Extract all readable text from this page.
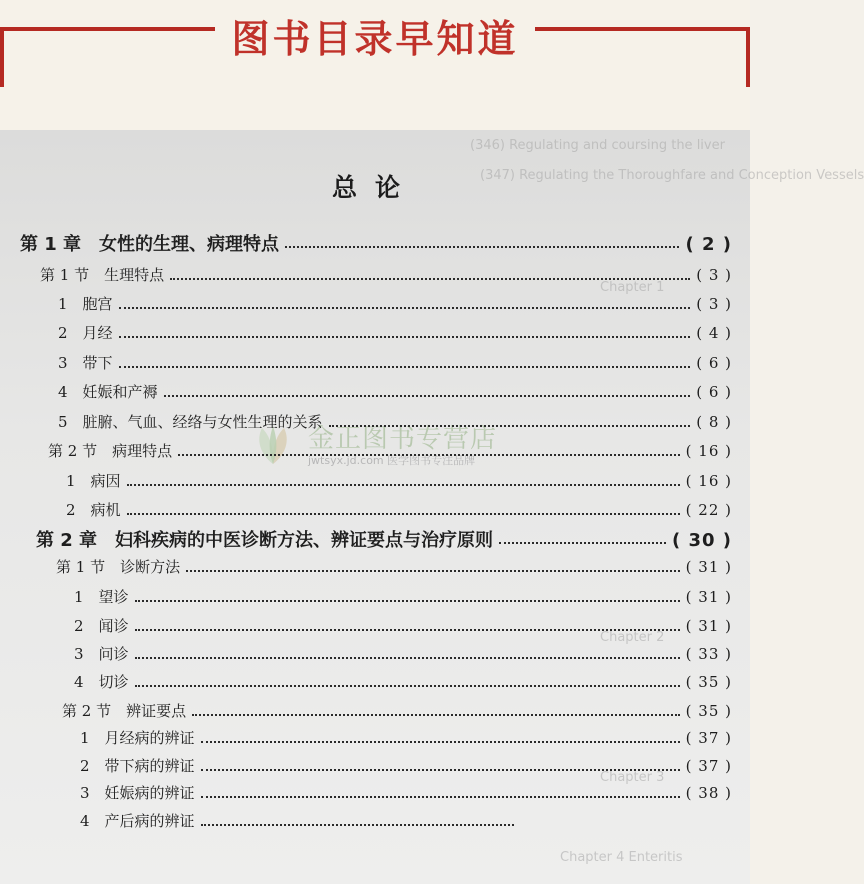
图书目录早知道
(346) Regulating and coursing the liver
(347) Regulating the Thoroughfare and Conception Vessels
Chapter 1
Chapter 2
Chapter 3
Chapter 4 Enteritis
总论
金正图书专营店
jwtsyx.jd.com 医学图书专注品牌
第 1 章　女性的生理、病理特点	( 2 )
第 1 节　生理特点	( 3 )
1　胞宫	( 3 )
2　月经	( 4 )
3　带下	( 6 )
4　妊娠和产褥	( 6 )
5　脏腑、气血、经络与女性生理的关系	( 8 )
第 2 节　病理特点	( 16 )
1　病因	( 16 )
2　病机	( 22 )
第 2 章　妇科疾病的中医诊断方法、辨证要点与治疗原则	( 30 )
第 1 节　诊断方法	( 31 )
1　望诊	( 31 )
2　闻诊	( 31 )
3　问诊	( 33 )
4　切诊	( 35 )
第 2 节　辨证要点	( 35 )
1　月经病的辨证	( 37 )
2　带下病的辨证	( 37 )
3　妊娠病的辨证	( 38 )
4　产后病的辨证
